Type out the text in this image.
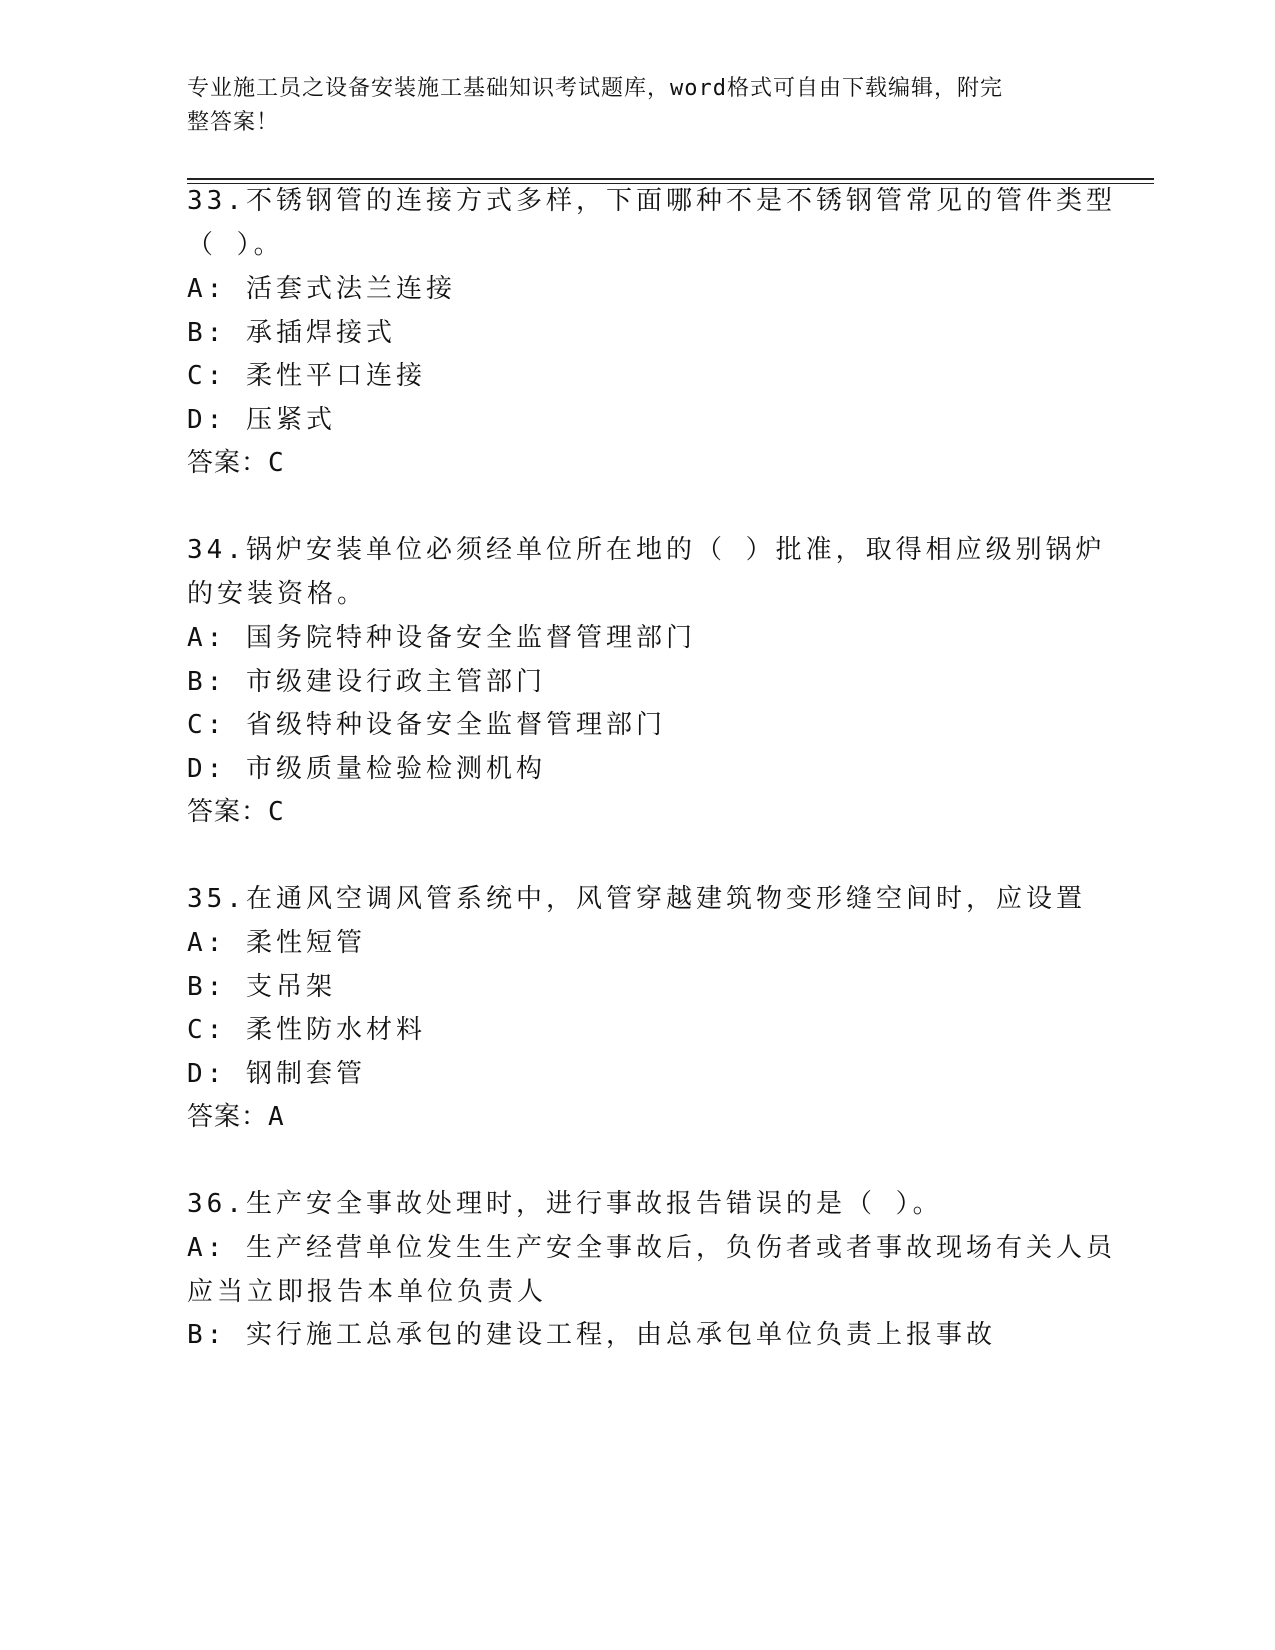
专业施工员之设备安装施工基础知识考试题库，word格式可自由下载编辑，附完
整答案！
33.不锈钢管的连接方式多样，下面哪种不是不锈钢管常见的管件类型
（ ）。
A: 活套式法兰连接
B: 承插焊接式
C: 柔性平口连接
D: 压紧式
答案：C
34.锅炉安装单位必须经单位所在地的（ ）批准，取得相应级别锅炉
的安装资格。
A: 国务院特种设备安全监督管理部门
B: 市级建设行政主管部门
C: 省级特种设备安全监督管理部门
D: 市级质量检验检测机构
答案：C
35.在通风空调风管系统中，风管穿越建筑物变形缝空间时，应设置
A: 柔性短管
B: 支吊架
C: 柔性防水材料
D: 钢制套管
答案：A
36.生产安全事故处理时，进行事故报告错误的是（ ）。
A: 生产经营单位发生生产安全事故后，负伤者或者事故现场有关人员
应当立即报告本单位负责人
B: 实行施工总承包的建设工程，由总承包单位负责上报事故
